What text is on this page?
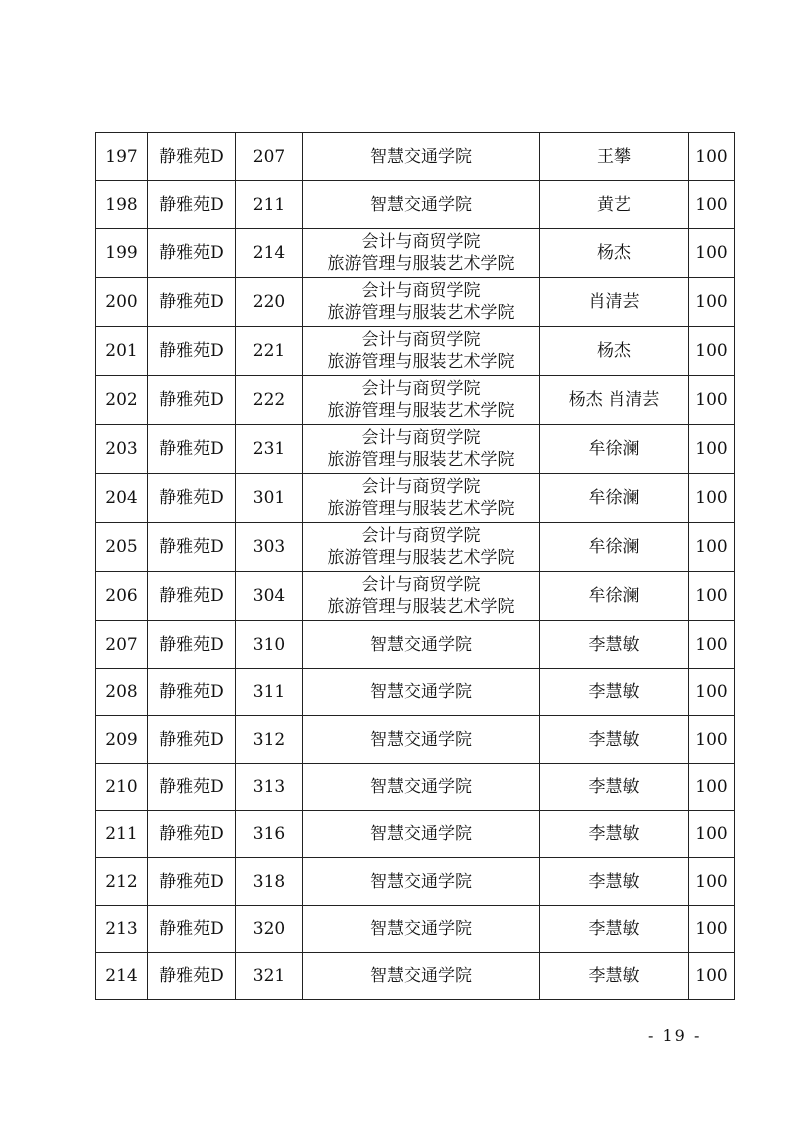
197	静雅苑D	207	智慧交通学院	王攀	100
198	静雅苑D	211	智慧交通学院	黄艺	100
199	静雅苑D	214	会计与商贸学院
旅游管理与服装艺术学院	杨杰	100
200	静雅苑D	220	会计与商贸学院
旅游管理与服装艺术学院	肖清芸	100
201	静雅苑D	221	会计与商贸学院
旅游管理与服装艺术学院	杨杰	100
202	静雅苑D	222	会计与商贸学院
旅游管理与服装艺术学院	杨杰 肖清芸	100
203	静雅苑D	231	会计与商贸学院
旅游管理与服装艺术学院	牟徐澜	100
204	静雅苑D	301	会计与商贸学院
旅游管理与服装艺术学院	牟徐澜	100
205	静雅苑D	303	会计与商贸学院
旅游管理与服装艺术学院	牟徐澜	100
206	静雅苑D	304	会计与商贸学院
旅游管理与服装艺术学院	牟徐澜	100
207	静雅苑D	310	智慧交通学院	李慧敏	100
208	静雅苑D	311	智慧交通学院	李慧敏	100
209	静雅苑D	312	智慧交通学院	李慧敏	100
210	静雅苑D	313	智慧交通学院	李慧敏	100
211	静雅苑D	316	智慧交通学院	李慧敏	100
212	静雅苑D	318	智慧交通学院	李慧敏	100
213	静雅苑D	320	智慧交通学院	李慧敏	100
214	静雅苑D	321	智慧交通学院	李慧敏	100
- 19 -
